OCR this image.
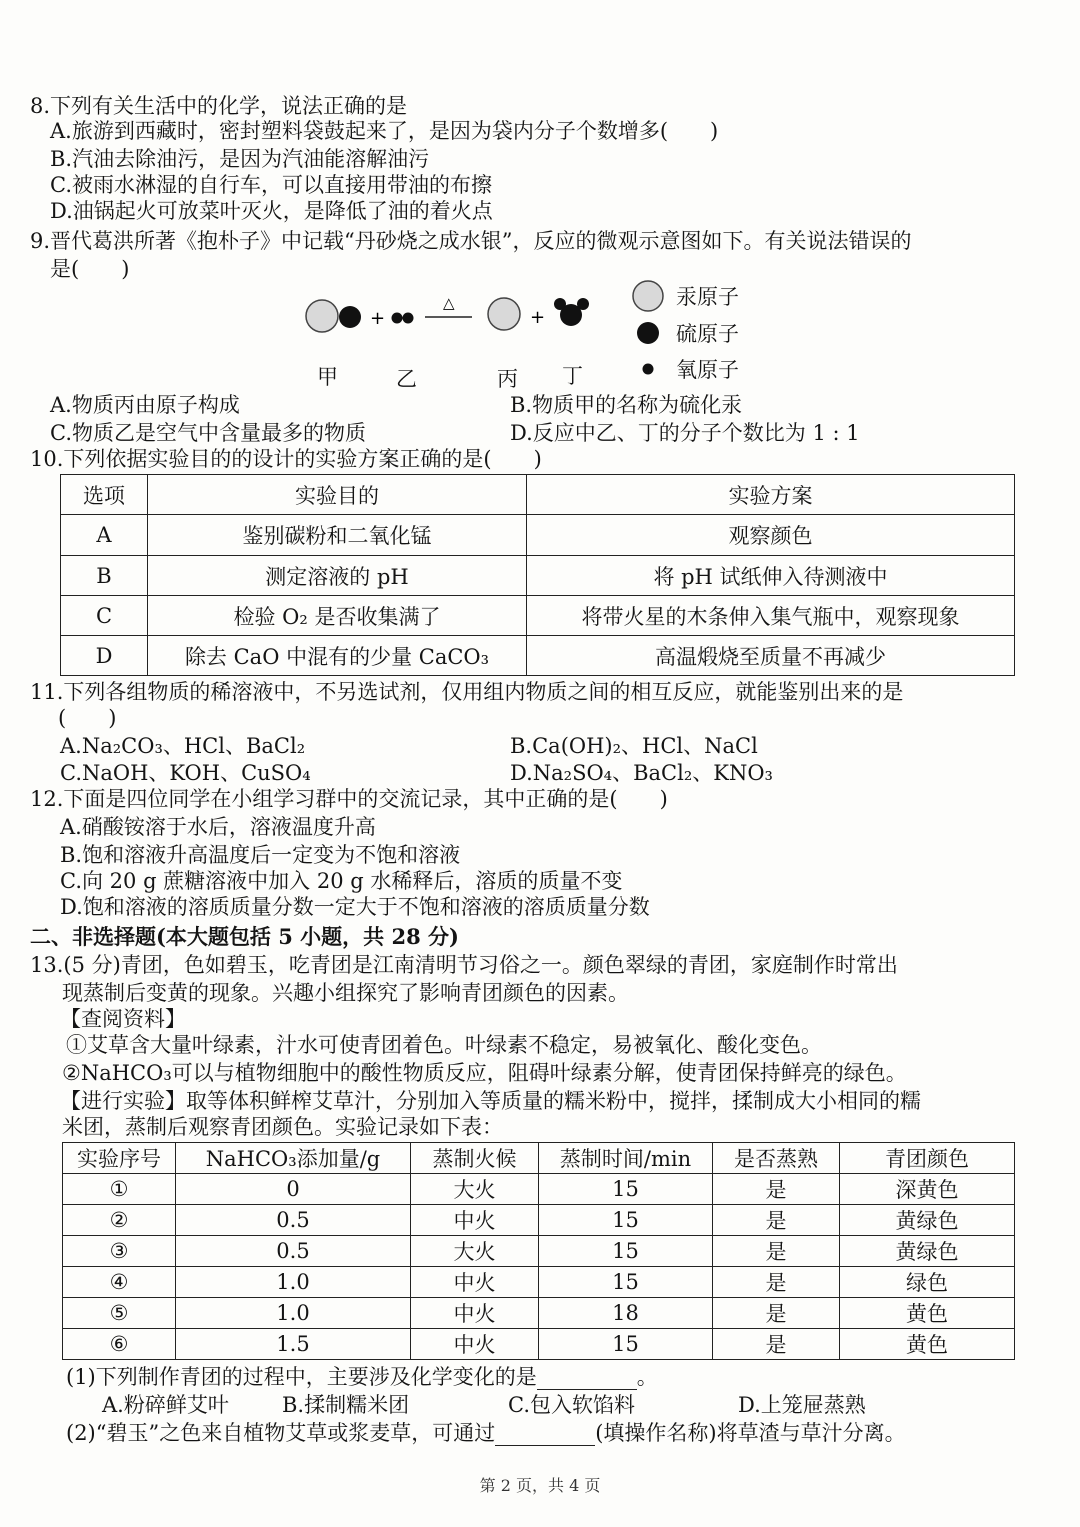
8.下列有关生活中的化学，说法正确的是
A.旅游到西藏时，密封塑料袋鼓起来了，是因为袋内分子个数增多(　　)
B.汽油去除油污，是因为汽油能溶解油污
C.被雨水淋湿的自行车，可以直接用带油的布擦
D.油锅起火可放菜叶灭火，是降低了油的着火点
9.晋代葛洪所著《抱朴子》中记载“丹砂烧之成水银”，反应的微观示意图如下。有关说法错误的
是(　　)
+
△
+
汞原子
硫原子
氧原子
甲	乙	丙 丁
A.物质丙由原子构成	B.物质甲的名称为硫化汞
C.物质乙是空气中含量最多的物质	D.反应中乙、丁的分子个数比为 1 : 1
10.下列依据实验目的的设计的实验方案正确的是(　　)
选项	实验目的	实验方案
A	鉴别碳粉和二氧化锰	观察颜色
B	测定溶液的 pH	将 pH 试纸伸入待测液中
C	检验 O₂ 是否收集满了	将带火星的木条伸入集气瓶中，观察现象
D	除去 CaO 中混有的少量 CaCO₃	高温煅烧至质量不再减少
11.下列各组物质的稀溶液中，不另选试剂，仅用组内物质之间的相互反应，就能鉴别出来的是
(　　)
A.Na₂CO₃、HCl、BaCl₂	B.Ca(OH)₂、HCl、NaCl
C.NaOH、KOH、CuSO₄	D.Na₂SO₄、BaCl₂、KNO₃
12.下面是四位同学在小组学习群中的交流记录，其中正确的是(　　)
A.硝酸铵溶于水后，溶液温度升高
B.饱和溶液升高温度后一定变为不饱和溶液
C.向 20 g 蔗糖溶液中加入 20 g 水稀释后，溶质的质量不变
D.饱和溶液的溶质质量分数一定大于不饱和溶液的溶质质量分数
二、非选择题(本大题包括 5 小题，共 28 分)
13.(5 分)青团，色如碧玉，吃青团是江南清明节习俗之一。颜色翠绿的青团，家庭制作时常出
现蒸制后变黄的现象。兴趣小组探究了影响青团颜色的因素。
【查阅资料】
①艾草含大量叶绿素，汁水可使青团着色。叶绿素不稳定，易被氧化、酸化变色。
②NaHCO₃可以与植物细胞中的酸性物质反应，阻碍叶绿素分解，使青团保持鲜亮的绿色。
【进行实验】取等体积鲜榨艾草汁，分别加入等质量的糯米粉中，搅拌，揉制成大小相同的糯
米团，蒸制后观察青团颜色。实验记录如下表：
实验序号	NaHCO₃添加量/g	蒸制火候	蒸制时间/min	是否蒸熟	青团颜色
①	0	大火	15	是	深黄色
②	0.5	中火	15	是	黄绿色
③	0.5	大火	15	是	黄绿色
④	1.0	中火	15	是	绿色
⑤	1.0	中火	18	是	黄色
⑥	1.5	中火	15	是	黄色
(1)下列制作青团的过程中，主要涉及化学变化的是	。
A.粉碎鲜艾叶	B.揉制糯米团	C.包入软馅料	D.上笼屉蒸熟
(2)“碧玉”之色来自植物艾草或浆麦草，可通过	(填操作名称)将草渣与草汁分离。
第 2 页，共 4 页
